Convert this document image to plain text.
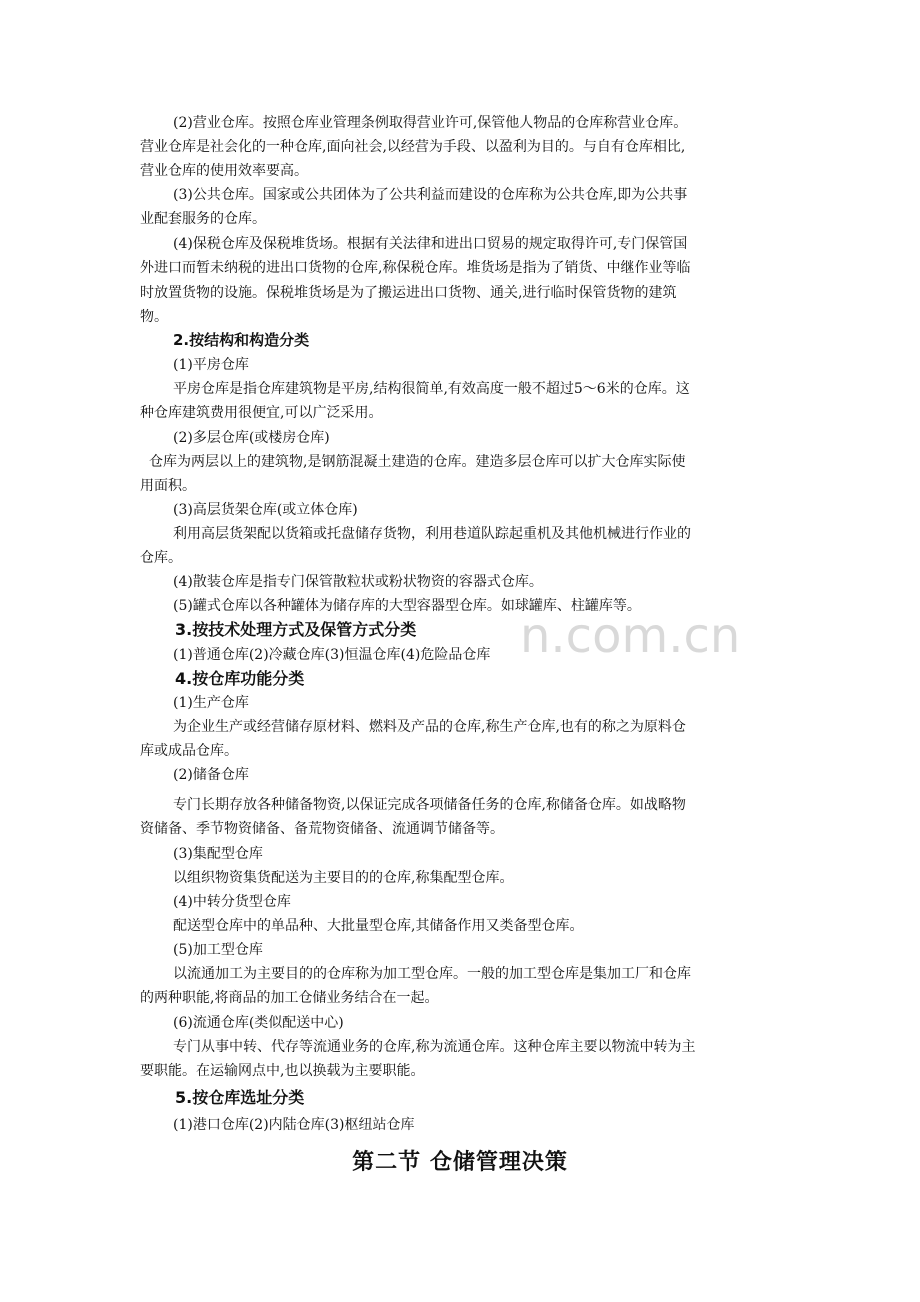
n.com.cn
(2)营业仓库。按照仓库业管理条例取得营业许可,保管他人物品的仓库称营业仓库。
营业仓库是社会化的一种仓库,面向社会,以经营为手段、以盈利为目的。与自有仓库相比,
营业仓库的使用效率要高。
(3)公共仓库。国家或公共团体为了公共利益而建设的仓库称为公共仓库,即为公共事
业配套服务的仓库。
(4)保税仓库及保税堆货场。根据有关法律和进出口贸易的规定取得许可,专门保管国
外进口而暂未纳税的进出口货物的仓库,称保税仓库。堆货场是指为了销货、中继作业等临
时放置货物的设施。保税堆货场是为了搬运进出口货物、通关,进行临时保管货物的建筑
物。
2.按结构和构造分类
(1)平房仓库
平房仓库是指仓库建筑物是平房,结构很简单,有效高度一般不超过5～6米的仓库。这
种仓库建筑费用很便宜,可以广泛采用。
(2)多层仓库(或楼房仓库)
仓库为两层以上的建筑物,是钢筋混凝土建造的仓库。建造多层仓库可以扩大仓库实际使
用面积。
(3)高层货架仓库(或立体仓库)
利用高层货架配以货箱或托盘储存货物，利用巷道队踪起重机及其他机械进行作业的
仓库。
(4)散装仓库是指专门保管散粒状或粉状物资的容器式仓库。
(5)罐式仓库以各种罐体为储存库的大型容器型仓库。如球罐库、柱罐库等。
3.按技术处理方式及保管方式分类
(1)普通仓库(2)冷藏仓库(3)恒温仓库(4)危险品仓库
4.按仓库功能分类
(1)生产仓库
为企业生产或经营储存原材料、燃料及产品的仓库,称生产仓库,也有的称之为原料仓
库或成品仓库。
(2)储备仓库
专门长期存放各种储备物资,以保证完成各项储备任务的仓库,称储备仓库。如战略物
资储备、季节物资储备、备荒物资储备、流通调节储备等。
(3)集配型仓库
以组织物资集货配送为主要目的的仓库,称集配型仓库。
(4)中转分货型仓库
配送型仓库中的单品种、大批量型仓库,其储备作用又类备型仓库。
(5)加工型仓库
以流通加工为主要目的的仓库称为加工型仓库。一般的加工型仓库是集加工厂和仓库
的两种职能,将商品的加工仓储业务结合在一起。
(6)流通仓库(类似配送中心)
专门从事中转、代存等流通业务的仓库,称为流通仓库。这种仓库主要以物流中转为主
要职能。在运输网点中,也以换载为主要职能。
5.按仓库选址分类
(1)港口仓库(2)内陆仓库(3)枢纽站仓库
第二节 仓储管理决策
